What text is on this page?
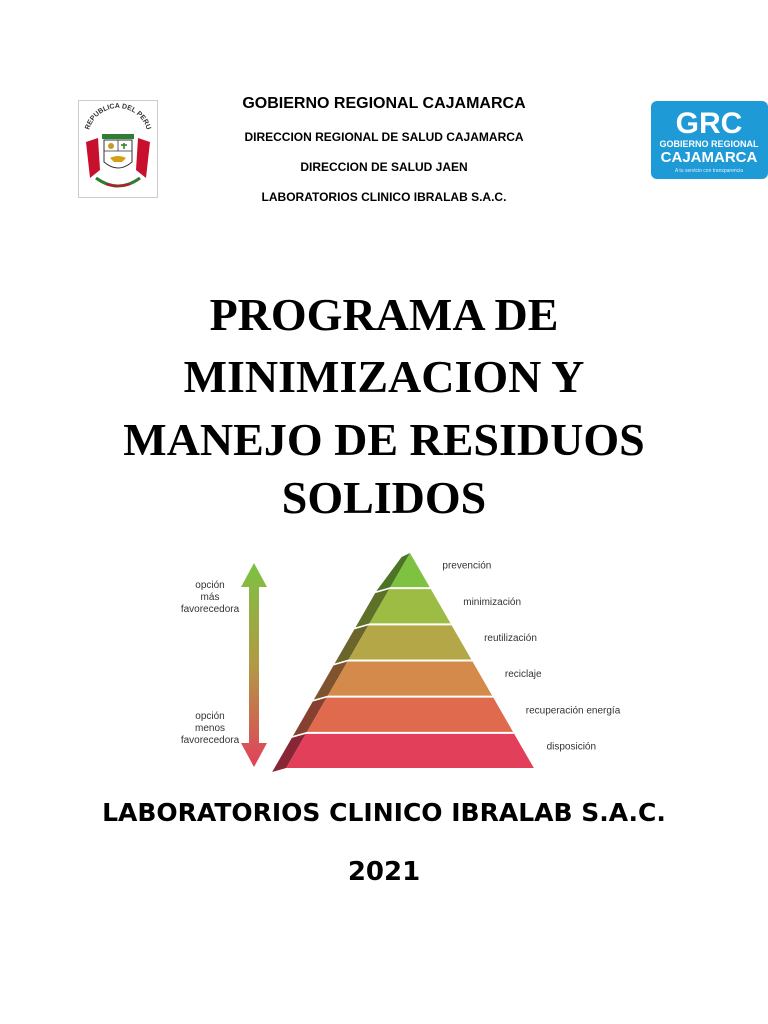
GOBIERNO REGIONAL CAJAMARCA
DIRECCION REGIONAL DE SALUD CAJAMARCA
DIRECCION DE SALUD JAEN
LABORATORIOS CLINICO IBRALAB S.A.C.
REPUBLICA DEL PERU	GRC
GOBIERNO REGIONAL
CAJAMARCA
A tu servicio con transparencia
PROGRAMA DE
MINIMIZACION Y
MANEJO DE RESIDUOS
SOLIDOS
opción
más
favorecedora
opción
menos
favorecedora
prevención
minimización
reutilización
reciclaje
recuperación energía
disposición
LABORATORIOS CLINICO IBRALAB S.A.C.
2021
